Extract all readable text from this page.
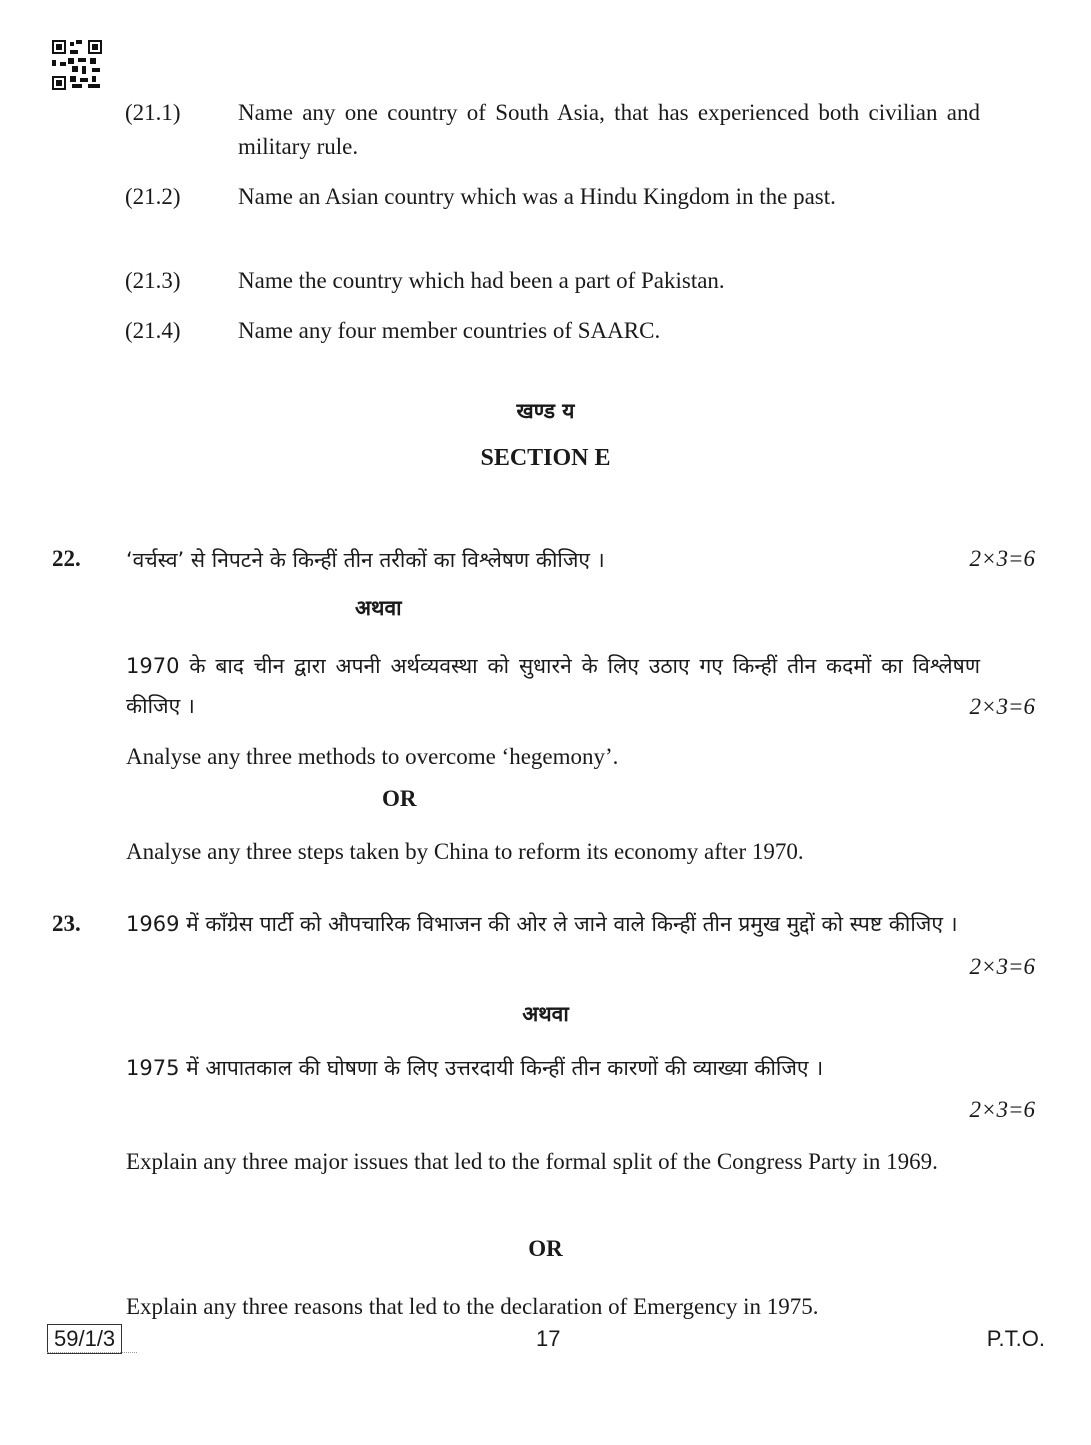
(21.1) Name any one country of South Asia, that has experienced both civilian and military rule.
(21.2) Name an Asian country which was a Hindu Kingdom in the past.
(21.3) Name the country which had been a part of Pakistan.
(21.4) Name any four member countries of SAARC.
खण्ड य
SECTION E
22. ‘वर्चस्व’ से निपटने के किन्हीं तीन तरीकों का विश्लेषण कीजिए ।	2×3=6
अथवा
1970 के बाद चीन द्वारा अपनी अर्थव्यवस्था को सुधारने के लिए उठाए गए किन्हीं तीन कदमों का विश्लेषण कीजिए ।	2×3=6
Analyse any three methods to overcome ‘hegemony’.
OR
Analyse any three steps taken by China to reform its economy after 1970.
23. 1969 में काँग्रेस पार्टी को औपचारिक विभाजन की ओर ले जाने वाले किन्हीं तीन प्रमुख मुद्दों को स्पष्ट कीजिए ।
2×3=6
अथवा
1975 में आपातकाल की घोषणा के लिए उत्तरदायी किन्हीं तीन कारणों की व्याख्या कीजिए ।
2×3=6
Explain any three major issues that led to the formal split of the Congress Party in 1969.
OR
Explain any three reasons that led to the declaration of Emergency in 1975.
59/1/3	17	P.T.O.
